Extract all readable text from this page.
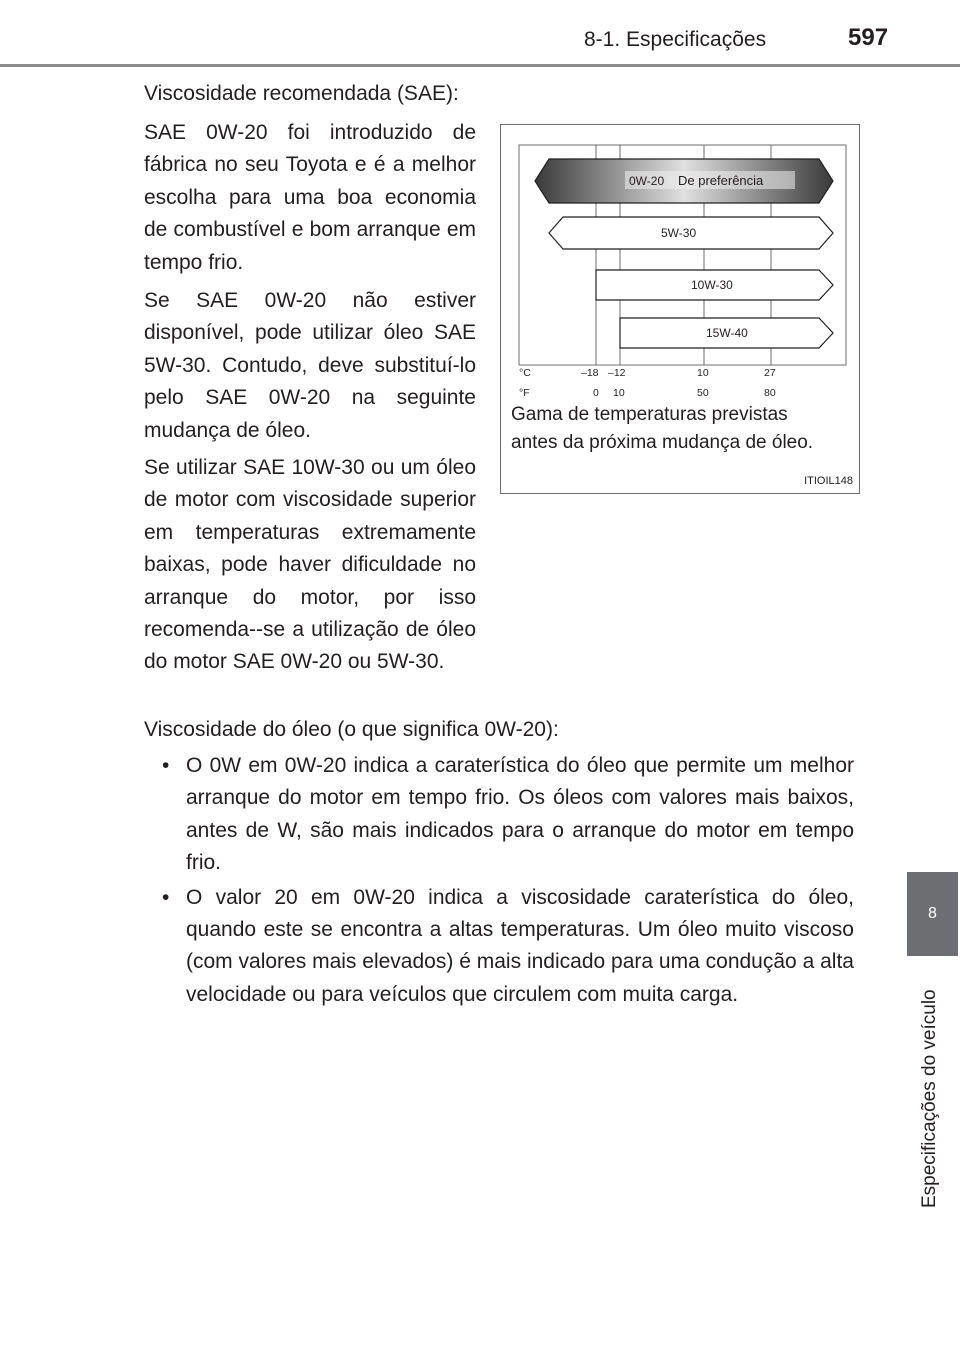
8-1. Especificações	597
8
Especificações do veículo

Viscosidade recomendada (SAE):

SAE 0W-20 foi introduzido de fábrica no seu Toyota e é a melhor escolha para uma boa economia de combustível e bom arranque em tempo frio.

Se SAE 0W-20 não estiver disponível, pode utilizar óleo SAE 5W-30. Contudo, deve substituí-lo pelo SAE 0W-20 na seguinte mudança de óleo.

Se utilizar SAE 10W-30 ou um óleo de motor com viscosidade superior em temperaturas extremamente baixas, pode haver dificuldade no arranque do motor, por isso recomenda--se a utilização de óleo do motor SAE 0W-20 ou 5W-30.

0W-20 De preferência
5W-30
10W-30
15W-40
°C	–18 –12	10	27
°F	0 10	50	80
Gama de temperaturas previstas
antes da próxima mudança de óleo.
ITIOIL148

Viscosidade do óleo (o que significa 0W-20):

• O 0W em 0W-20 indica a caraterística do óleo que permite um melhor arranque do motor em tempo frio. Os óleos com valores mais baixos, antes de W, são mais indicados para o arranque do motor em tempo frio.
• O valor 20 em 0W-20 indica a viscosidade caraterística do óleo, quando este se encontra a altas temperaturas. Um óleo muito viscoso (com valores mais elevados) é mais indicado para uma condução a alta velocidade ou para veículos que circulem com muita carga.
